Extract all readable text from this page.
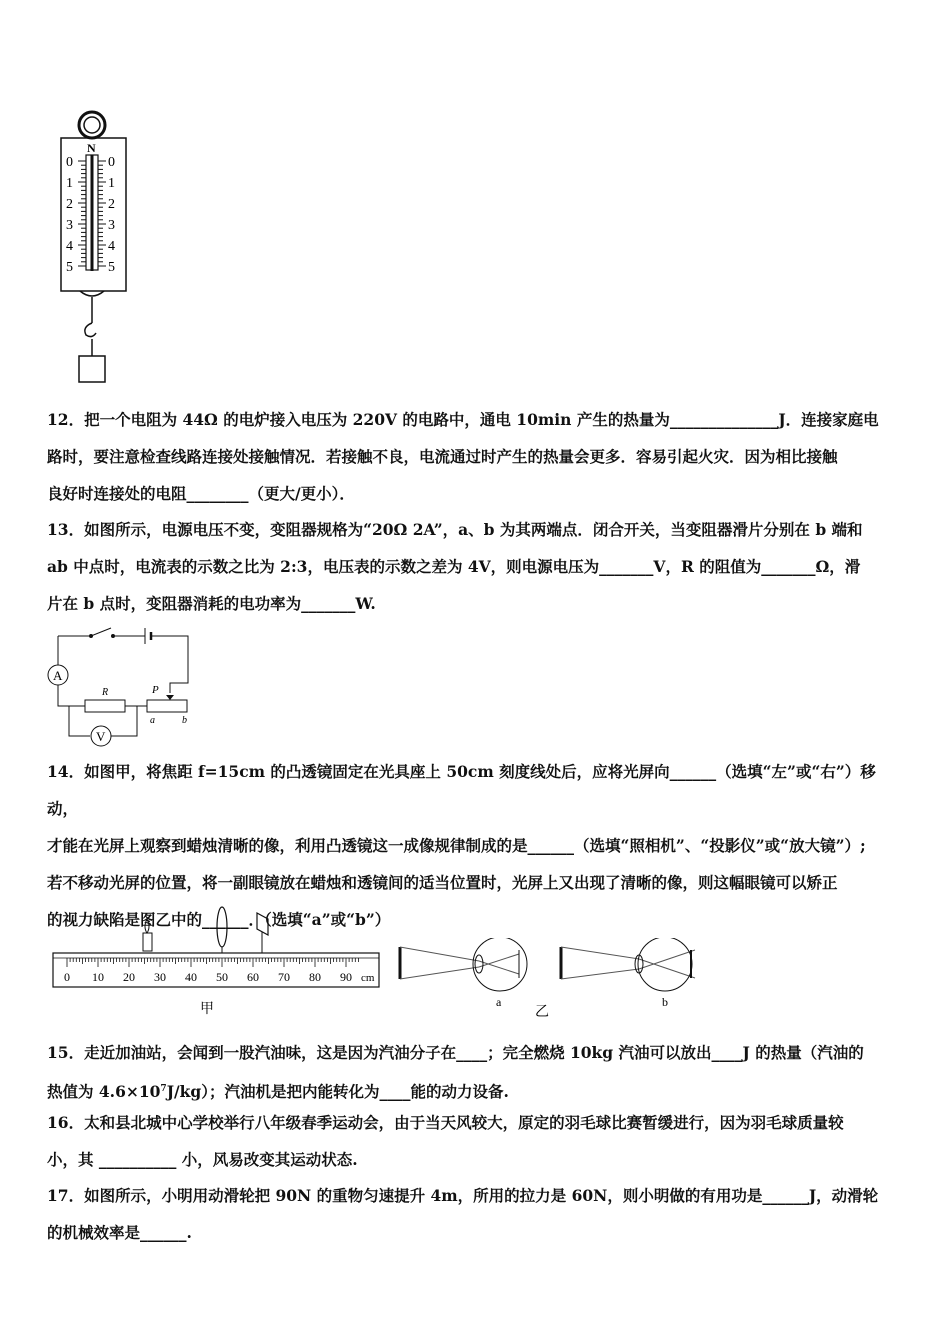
N
0
1
2
3
4
5
0
1
2
3
4
5
12．把一个电阻为 44Ω 的电炉接入电压为 220V 的电路中，通电 10min 产生的热量为______________J．连接家庭电
路时，要注意检查线路连接处接触情况．若接触不良，电流通过时产生的热量会更多．容易引起火灾．因为相比接触
良好时连接处的电阻________（更大/更小）．
13．如图所示，电源电压不变，变阻器规格为“20Ω 2A”，a、b 为其两端点．闭合开关，当变阻器滑片分别在 b 端和
ab 中点时，电流表的示数之比为 2:3，电压表的示数之差为 4V，则电源电压为_______V，R 的阻值为_______Ω，滑
片在 b 点时，变阻器消耗的电功率为_______W.
A
R	P
a	b
V
14．如图甲，将焦距 f=15cm 的凸透镜固定在光具座上 50cm 刻度线处后，应将光屏向______（选填“左”或“右”）移动，
才能在光屏上观察到蜡烛清晰的像，利用凸透镜这一成像规律制成的是______（选填“照相机”、“投影仪”或“放大镜”）;
若不移动光屏的位置，将一副眼镜放在蜡烛和透镜间的适当位置时，光屏上又出现了清晰的像，则这幅眼镜可以矫正
的视力缺陷是图乙中的______．（选填“a”或“b”）
0 10 20 30 40 50 60 70 80 90 cm
甲	a
乙
b
15．走近加油站，会闻到一股汽油味，这是因为汽油分子在____；完全燃烧 10kg 汽油可以放出____J 的热量（汽油的
热值为 $4.6\times 10^7J/kg$）；汽油机是把内能转化为____能的动力设备.
16．太和县北城中心学校举行八年级春季运动会，由于当天风较大，原定的羽毛球比赛暂缓进行，因为羽毛球质量较
小，其 __________ 小，风易改变其运动状态.
17．如图所示，小明用动滑轮把 90N 的重物匀速提升 4m，所用的拉力是 60N，则小明做的有用功是______J，动滑轮
的机械效率是______.
